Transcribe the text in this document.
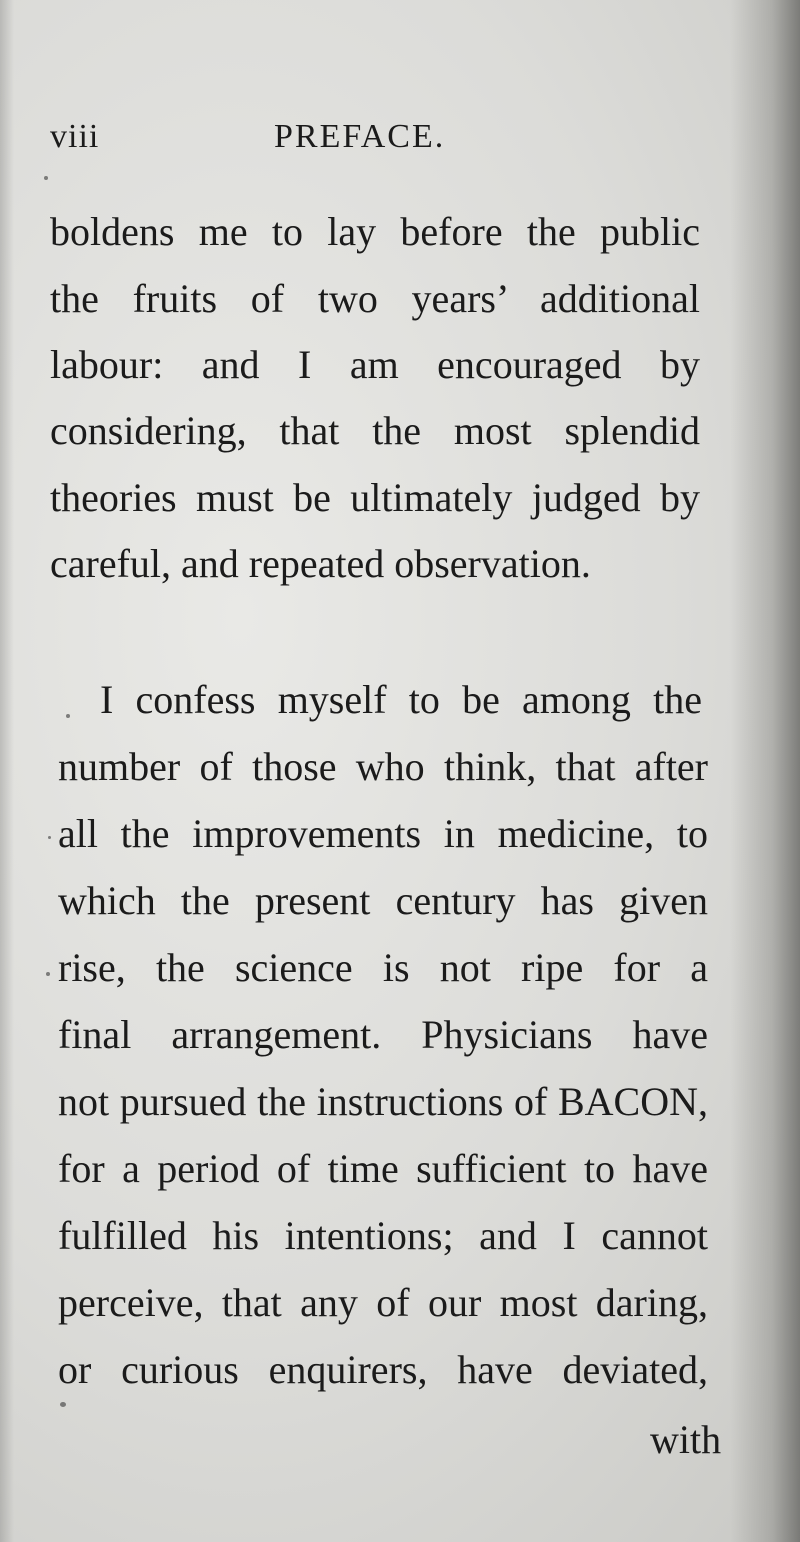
viii	PREFACE.
boldens me to lay before the public
the fruits of two years’ additional
labour: and I am encouraged by
considering, that the most splendid
theories must be ultimately judged by
careful, and repeated observation.
I confess myself to be among the
number of those who think, that after
all the improvements in medicine, to
which the present century has given
rise, the science is not ripe for a
final arrangement. Physicians have
not pursued the instructions of BACON,
for a period of time sufficient to have
fulfilled his intentions; and I cannot
perceive, that any of our most daring,
or curious enquirers, have deviated,
with
